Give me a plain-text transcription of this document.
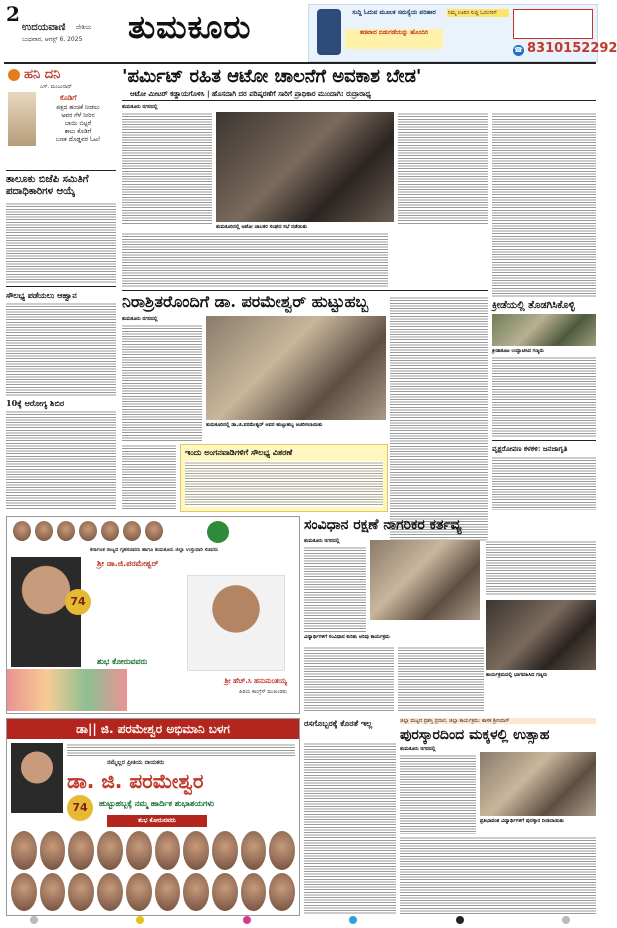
2
ಉದಯವಾಣಿ ದೇಶಿಯ
ಬುಧವಾರ, ಆಗಸ್ಟ್ 6, 2025 ತುಮಕೂರು	ಸುದ್ದಿ ಓದುವ ಮೂಲಕ ಸಮಸ್ಯೆಯ ಪರಿಹಾರ
ತಡವಾದ ಬಿಡುಗಡೆಯನ್ನು ಹೊಂದಿರಿ
ನಿಮ್ಮ ಊರಿನ ಸುದ್ದಿ ಓದುಗರಿಗೆ
☎ 8310152292
ಹನಿ ದನಿ
ಎಸ್. ಮಂಜುನಾಥ್
ಕೊಡಿಗೆ
ಪಕ್ಷದ ಹಂಚಿಕೆ ನೀಡಲು
ಅವರ ಗೆಳೆ ನೀರಿನ
ಬಾಯಿ ಬಿಟ್ಟರೆ
ಕಾಲು ಕೊಡಿಗೆ
ಬಣಕ ದೊಡ್ಡವರ ಓಟ!
ತಾಲೂಕು ಬಿಜೆಪಿ ಸಮಿತಿಗೆ ಪದಾಧಿಕಾರಿಗಳ ಆಯ್ಕೆ
ಸೌಲಭ್ಯ ಪಡೆಯಲು ಆಹ್ವಾನ
10ಕ್ಕೆ ಆರೋಗ್ಯ ಶಿಬಿರ
'ಪರ್ಮಿಟ್ ರಹಿತ ಆಟೋ ಚಾಲನೆಗೆ ಅವಕಾಶ ಬೇಡ'
ಆಟೋ ಮೀಟರ್ ಕಡ್ಡಾಯಗೊಳಿಸಿ | ಹೊಸದಾಗಿ ದರ ಪರಿಷ್ಕರಣೆಗೆ ಸಾರಿಗೆ ಪ್ರಾಧಿಕಾರ ಮುಂದಾಗಿ: ರುದ್ರಾರಾಧ್ಯ
ತುಮಕೂರು ನಗರದಲ್ಲಿ
ತುಮಕೂರಿನಲ್ಲಿ ಆಟೋ ಚಾಲಕರ ಸಂಘದ ಸಭೆ ನಡೆಯಿತು
ನಿರಾಶ್ರಿತರೊಂದಿಗೆ ಡಾ. ಪರಮೇಶ್ವರ್ ಹುಟ್ಟುಹಬ್ಬ
ತುಮಕೂರು ನಗರದಲ್ಲಿ
ತುಮಕೂರಿನಲ್ಲಿ ಡಾ.ಜಿ.ಪರಮೇಶ್ವರ್ ಅವರ ಹುಟ್ಟುಹಬ್ಬ ಆಚರಿಸಲಾಯಿತು
ಇಂದು ಅಂಗನವಾಡಿಗಳಿಗೆ ಸೌಲಭ್ಯ ವಿತರಣೆ
ಕ್ರೀಡೆಯಲ್ಲಿ ತೊಡಗಿಸಿಕೊಳ್ಳಿ
ಕ್ರೀಡಾಕೂಟ ಉದ್ಘಾಟಿಸಿದ ಗಣ್ಯರು
ವೃಕ್ಷರೋಪಣ ಕಳಕಳಿ: ಜನಜಾಗೃತಿ
ಕರ್ನಾಟಕ ರಾಜ್ಯದ ಗೃಹಸಚಿವರು ಹಾಗೂ ತುಮಕೂರು ಜಿಲ್ಲಾ ಉಸ್ತುವಾರಿ ಸಚಿವರು
ಶ್ರೀ ಡಾ.ಜಿ.ಪರಮೇಶ್ವರ್
74
ಶುಭ ಕೋರುವವರು
ಶ್ರೀ ಹೆಚ್.ಸಿ ಹನುಮಂತಯ್ಯ
ಹಿರಿಯ ಕಾಂಗ್ರೆಸ್ ಮುಖಂಡರು
ಸಂವಿಧಾನ ರಕ್ಷಣೆ ನಾಗರಿಕರ ಕರ್ತವ್ಯ
ತುಮಕೂರು ನಗರದಲ್ಲಿ
ವಿದ್ಯಾರ್ಥಿಗಳಿಗೆ ಸಂವಿಧಾನ ಕುರಿತು ಅರಿವು ಕಾರ್ಯಕ್ರಮ
ಕಾರ್ಯಕ್ರಮದಲ್ಲಿ ಭಾಗವಹಿಸಿದ ಗಣ್ಯರು
ಡಾ|| ಜಿ. ಪರಮೇಶ್ವರ ಅಭಿಮಾನಿ ಬಳಗ
ನಮ್ಮೆಲ್ಲರ ಪ್ರೀತಿಯ ನಾಯಕರು
ಡಾ. ಜಿ. ಪರಮೇಶ್ವರ
74	ಹುಟ್ಟುಹಬ್ಬಕ್ಕೆ ನಮ್ಮ ಹಾರ್ದಿಕ ಶುಭಾಶಯಗಳು
ಶುಭ ಕೋರುವವರು
ರಸಗೊಬ್ಬರಕ್ಕೆ ಕೊರತೆ ಇಲ್ಲ	ಜಿಲ್ಲಾ ಮಟ್ಟದ ಪ್ರಶಸ್ತಿ ಪ್ರದಾನ, ಜಿಲ್ಲಾ ಕಾರ್ಯಕ್ರಮ: ಶಾಸಕ ಶ್ರೀನಿವಾಸ್
ಪುರಸ್ಕಾರದಿಂದ ಮಕ್ಕಳಲ್ಲಿ ಉತ್ಸಾಹ
ತುಮಕೂರು ನಗರದಲ್ಲಿ
ಪ್ರತಿಭಾವಂತ ವಿದ್ಯಾರ್ಥಿಗಳಿಗೆ ಪುರಸ್ಕಾರ ನೀಡಲಾಯಿತು
